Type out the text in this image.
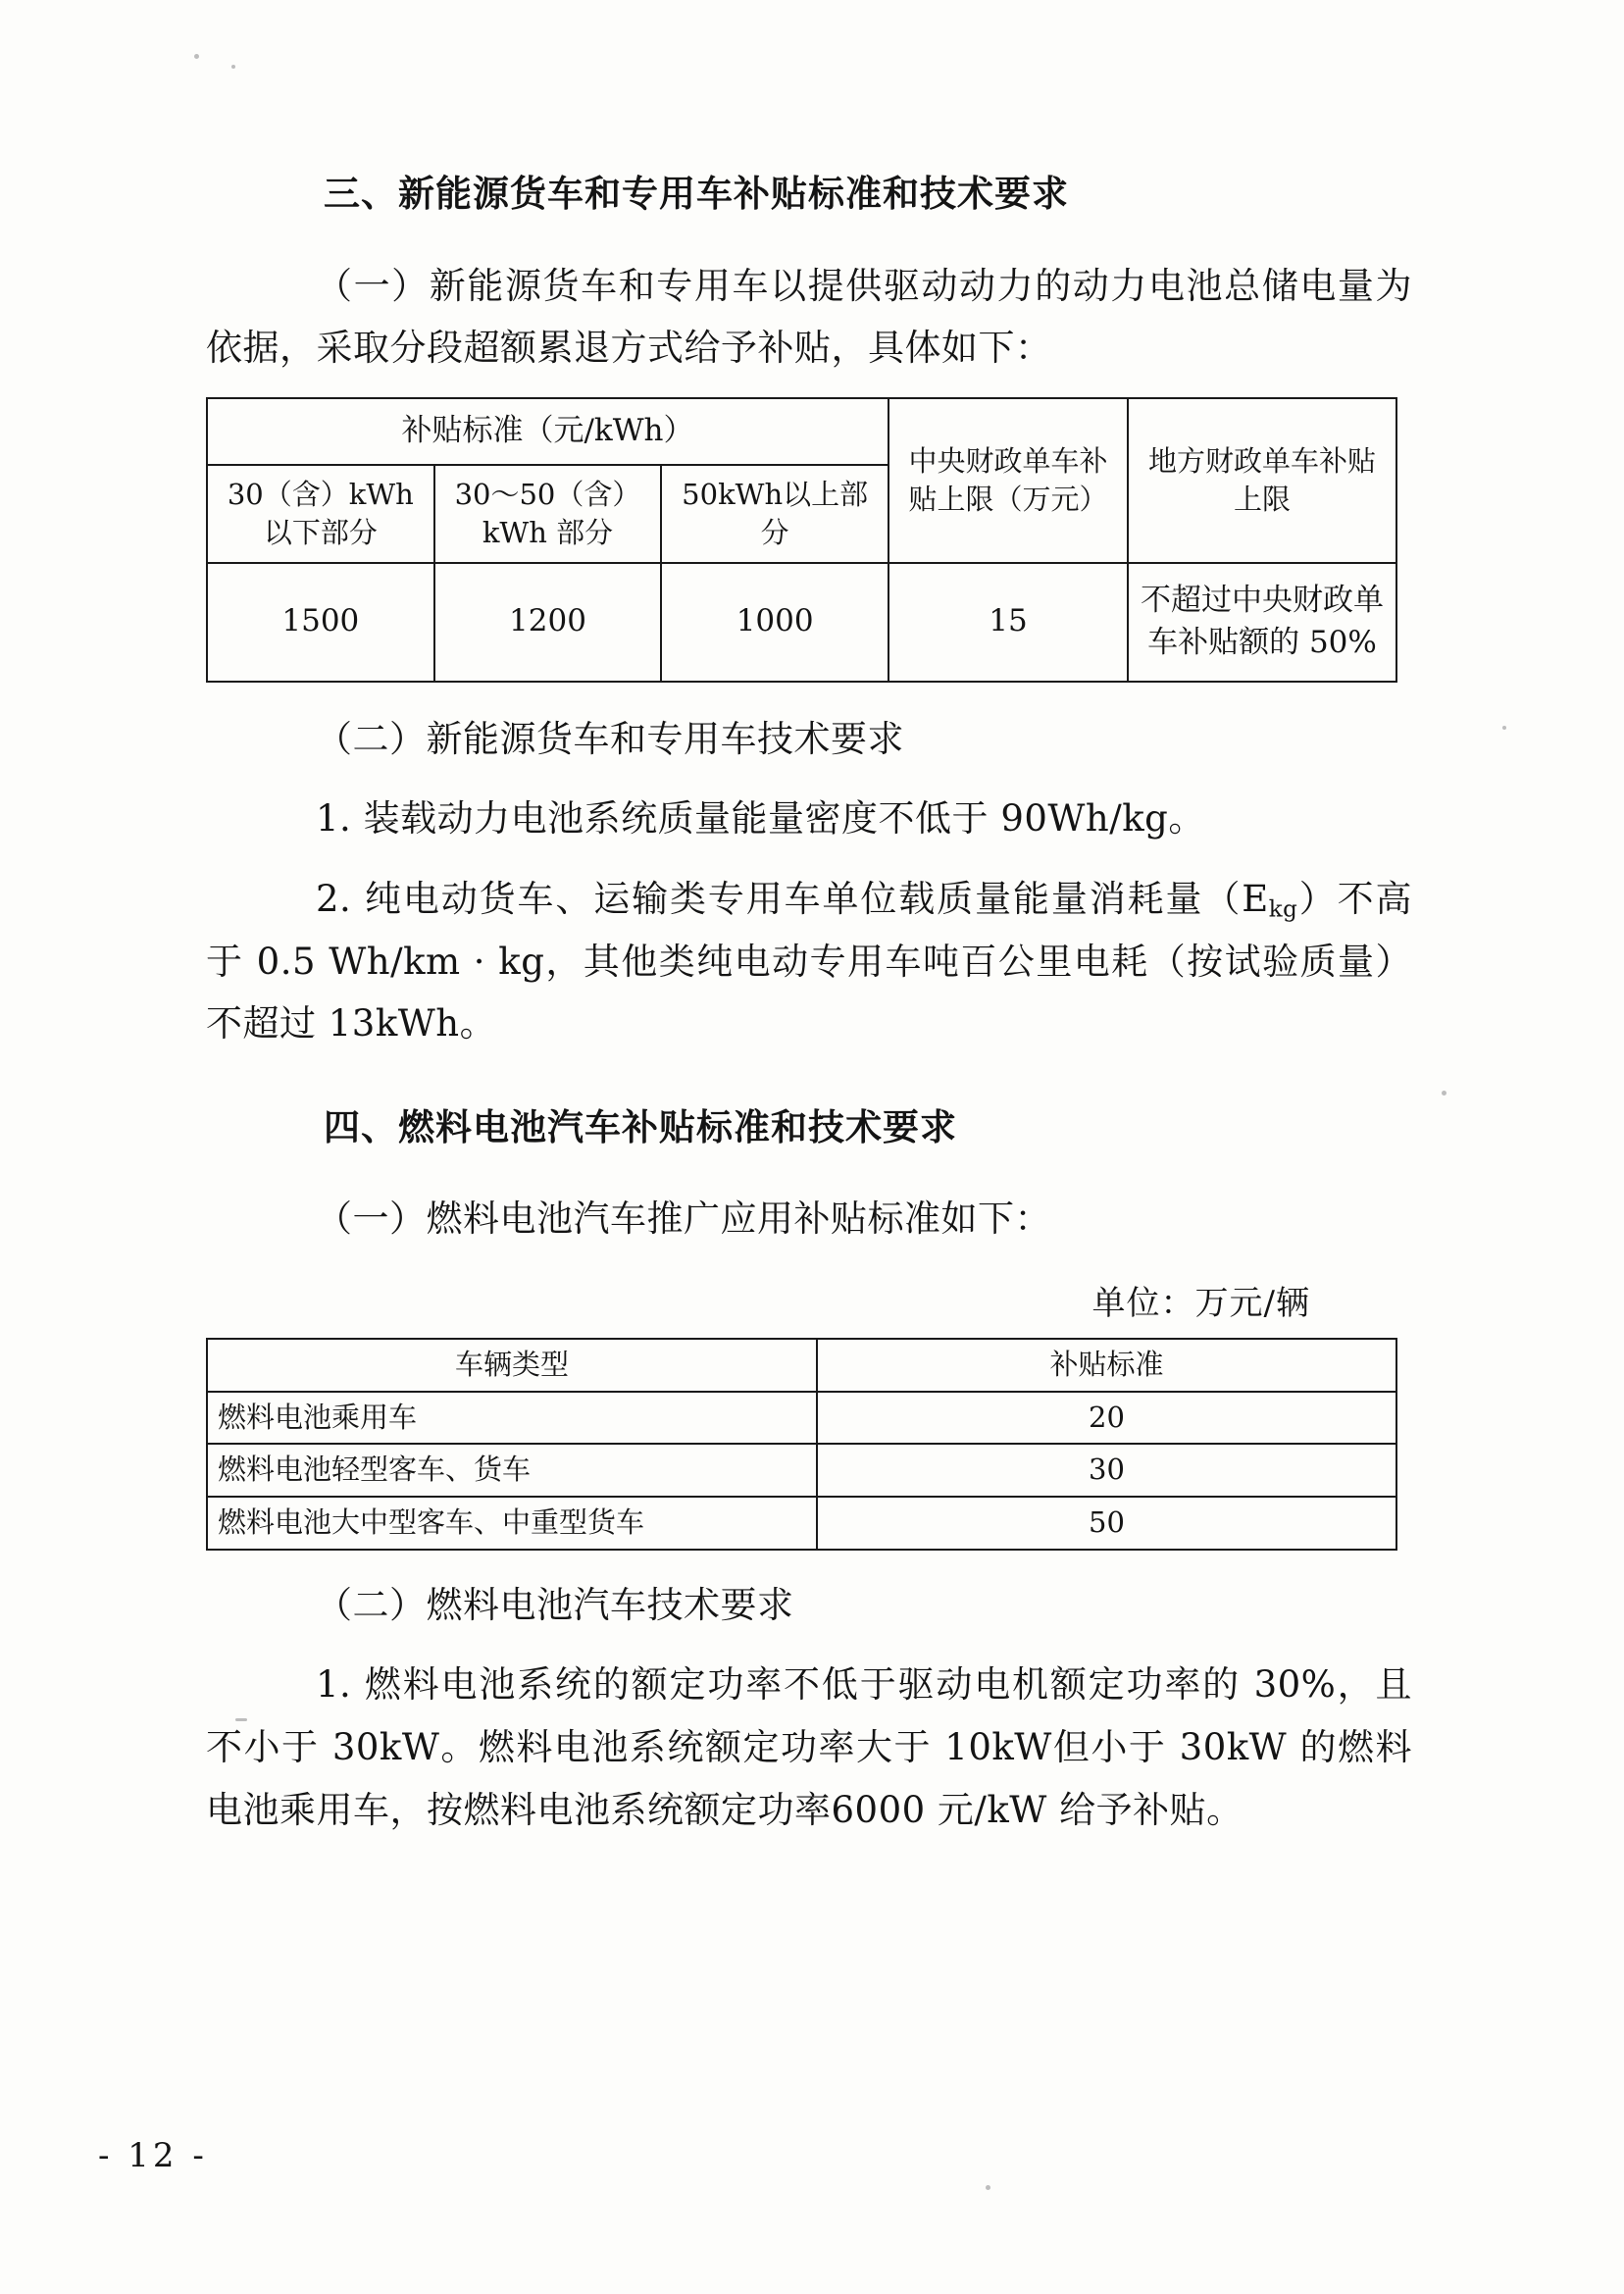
三、新能源货车和专用车补贴标准和技术要求

（一）新能源货车和专用车以提供驱动动力的动力电池总储电量为依据，采取分段超额累退方式给予补贴，具体如下：

补贴标准（元/kWh）			中央财政单车补贴上限（万元）	地方财政单车补贴上限
30（含）kWh以下部分	30～50（含）kWh 部分	50kWh以上部分		
1500	1200	1000	15	不超过中央财政单车补贴额的 50%

（二）新能源货车和专用车技术要求

1. 装载动力电池系统质量能量密度不低于 90Wh/kg。

2. 纯电动货车、运输类专用车单位载质量能量消耗量$(E_{kg})$不高于 0.5 Wh/km · kg，其他类纯电动专用车吨百公里电耗（按试验质量）不超过 13kWh。

四、燃料电池汽车补贴标准和技术要求

（一）燃料电池汽车推广应用补贴标准如下：

单位：万元/辆
车辆类型	补贴标准
燃料电池乘用车	20
燃料电池轻型客车、货车	30
燃料电池大中型客车、中重型货车	50

（二）燃料电池汽车技术要求

1. 燃料电池系统的额定功率不低于驱动电机额定功率的 30%，且不小于 30kW。燃料电池系统额定功率大于 10kW但小于 30kW 的燃料电池乘用车，按燃料电池系统额定功率6000 元/kW 给予补贴。

- 12 -
